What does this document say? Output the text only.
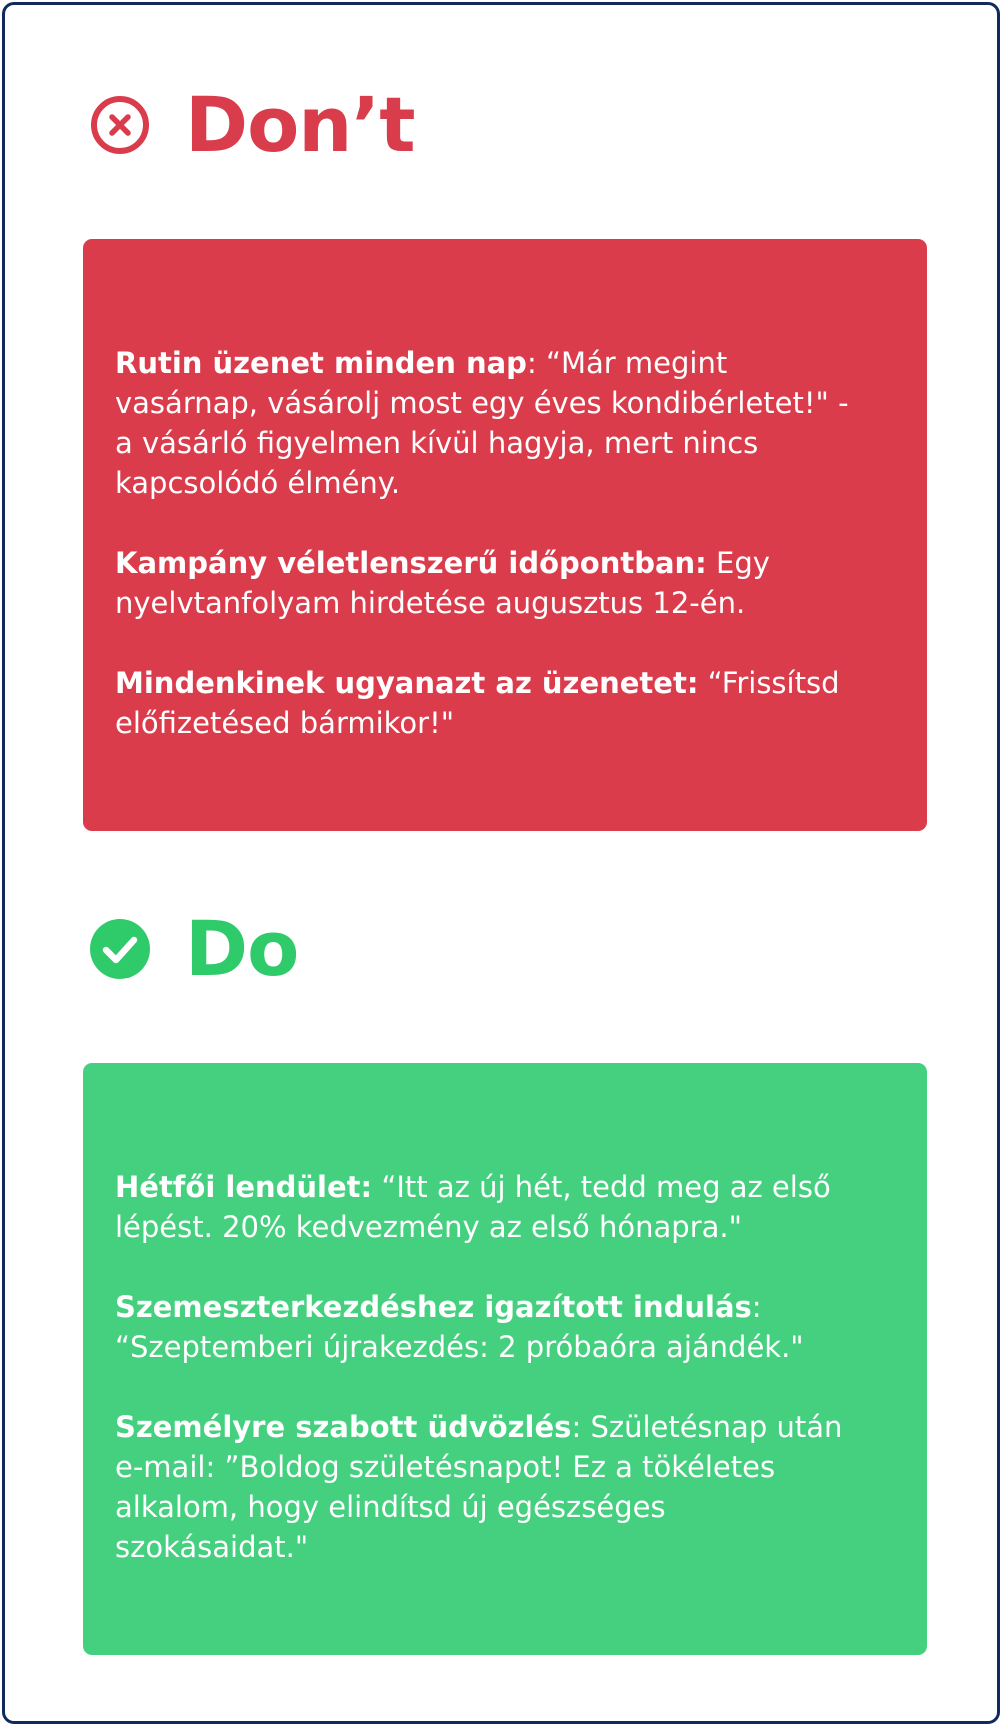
Don’t

Rutin üzenet minden nap: “Már megint vasárnap, vásárolj most egy éves kondibérletet!" - a vásárló figyelmen kívül hagyja, mert nincs kapcsolódó élmény.

Kampány véletlenszerű időpontban: Egy nyelvtanfolyam hirdetése augusztus 12-én.

Mindenkinek ugyanazt az üzenetet: “Frissítsd előfizetésed bármikor!"

Do

Hétfői lendület: “Itt az új hét, tedd meg az első lépést. 20% kedvezmény az első hónapra."

Szemeszterkezdéshez igazított indulás: “Szeptemberi újrakezdés: 2 próbaóra ajándék."

Személyre szabott üdvözlés: Születésnap után e-mail: ”Boldog születésnapot! Ez a tökéletes alkalom, hogy elindítsd új egészséges szokásaidat."
